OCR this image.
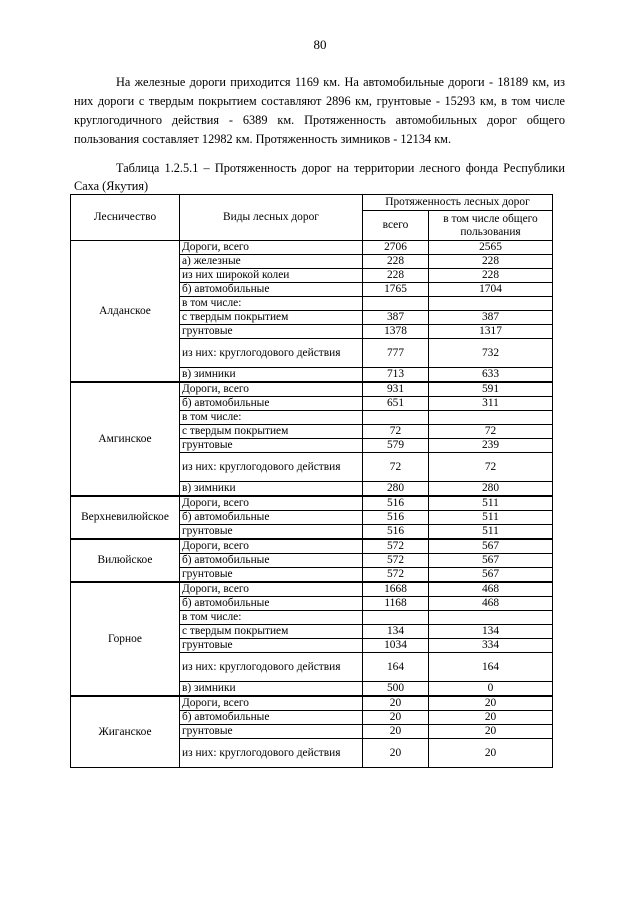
80

На железные дороги приходится 1169 км. На автомобильные дороги - 18189 км, из них дороги с твердым покрытием составляют 2896 км, грунтовые - 15293 км, в том числе круглогодичного действия - 6389 км. Протяженность автомобильных дорог общего пользования составляет 12982 км. Протяженность зимников - 12134 км.

Таблица 1.2.5.1 – Протяженность дорог на территории лесного фонда Республики Саха (Якутия)

Лесничество	Виды лесных дорог	Протяженность лесных дорог	
		всего	в том числе общего пользования
Алданское	Дороги, всего	2706	2565
	а) железные	228	228
	из них широкой колеи	228	228
	б) автомобильные	1765	1704
	в том числе:		
	с твердым покрытием	387	387
	грунтовые	1378	1317
	из них: круглогодового действия	777	732
	в) зимники	713	633
Амгинское	Дороги, всего	931	591
	б) автомобильные	651	311
	в том числе:		
	с твердым покрытием	72	72
	грунтовые	579	239
	из них: круглогодового действия	72	72
	в) зимники	280	280
Верхневилюйское	Дороги, всего	516	511
	б) автомобильные	516	511
	грунтовые	516	511
Вилюйское	Дороги, всего	572	567
	б) автомобильные	572	567
	грунтовые	572	567
Горное	Дороги, всего	1668	468
	б) автомобильные	1168	468
	в том числе:		
	с твердым покрытием	134	134
	грунтовые	1034	334
	из них: круглогодового действия	164	164
	в) зимники	500	0
Жиганское	Дороги, всего	20	20
	б) автомобильные	20	20
	грунтовые	20	20
	из них: круглогодового действия	20	20
